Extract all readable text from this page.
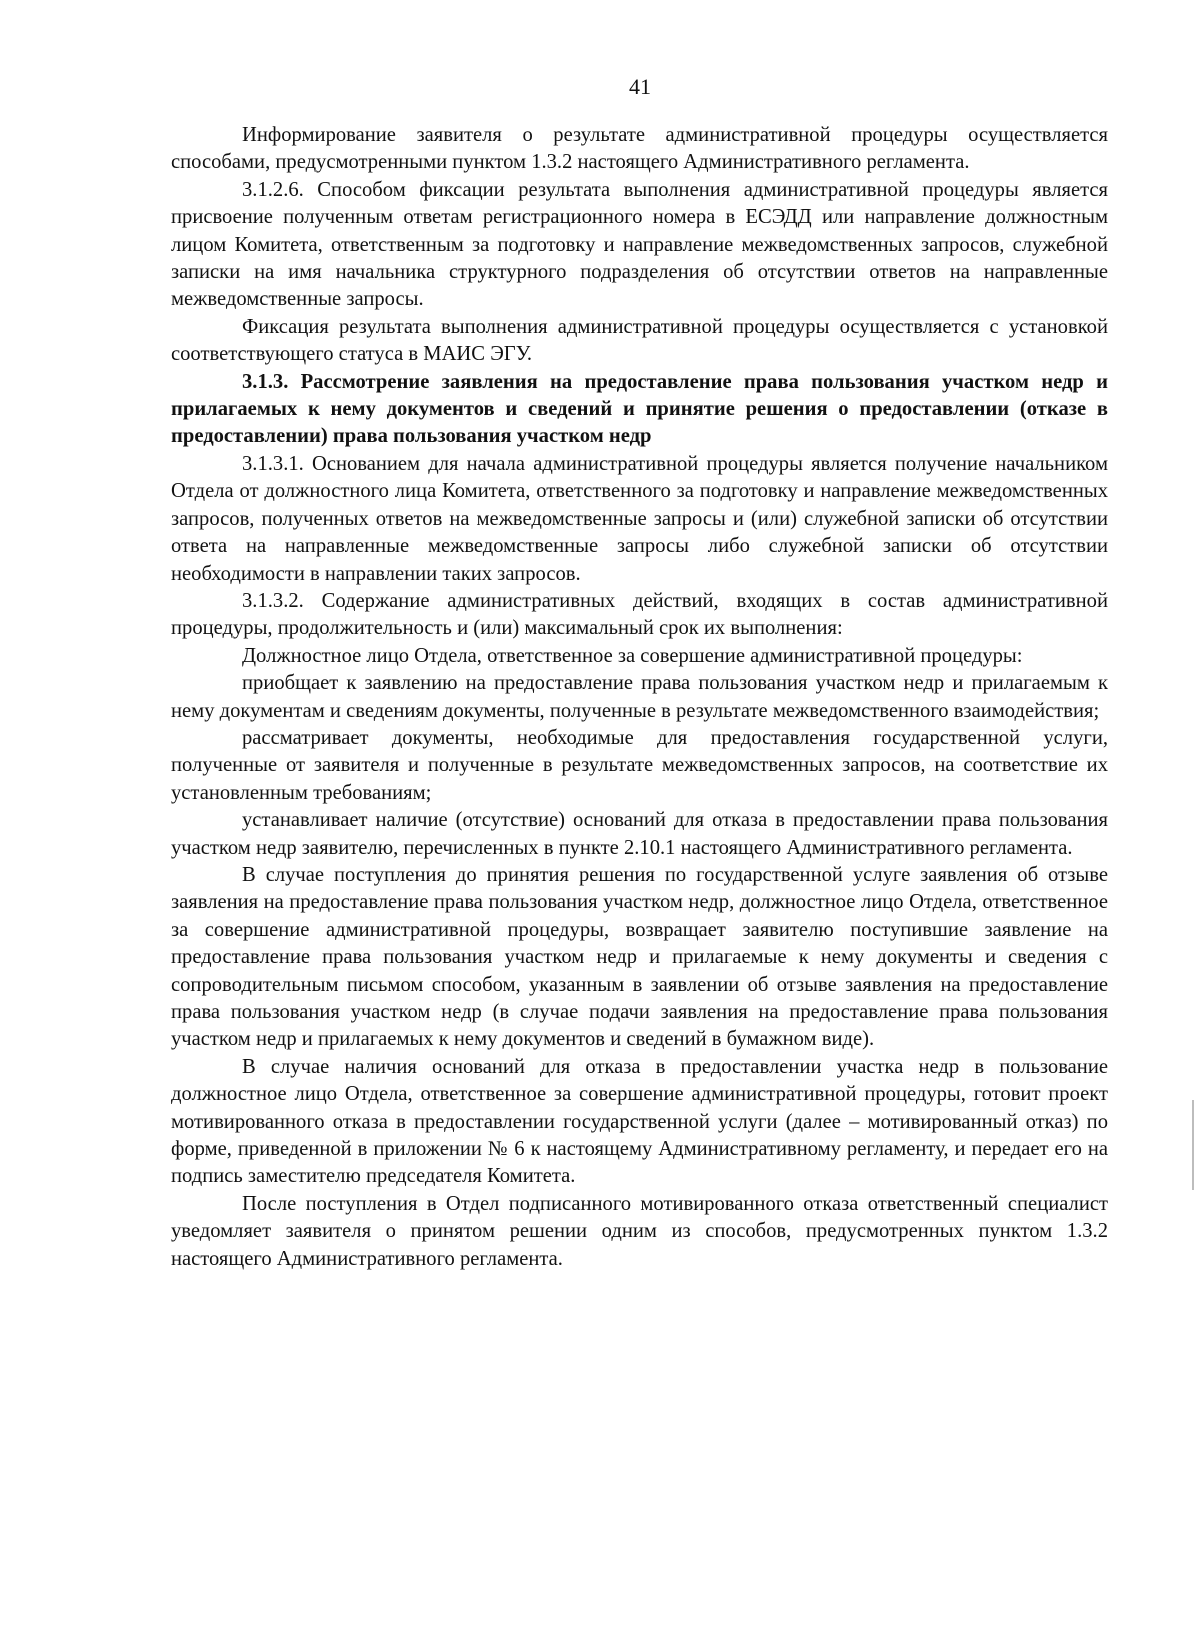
41

Информирование заявителя о результате административной процедуры осуществляется способами, предусмотренными пунктом 1.3.2 настоящего Административного регламента.

3.1.2.6. Способом фиксации результата выполнения административной процедуры является присвоение полученным ответам регистрационного номера в ЕСЭДД или направление должностным лицом Комитета, ответственным за подготовку и направление межведомственных запросов, служебной записки на имя начальника структурного подразделения об отсутствии ответов на направленные межведомственные запросы.

Фиксация результата выполнения административной процедуры осуществляется с установкой соответствующего статуса в МАИС ЭГУ.

3.1.3. Рассмотрение заявления на предоставление права пользования участком недр и прилагаемых к нему документов и сведений и принятие решения о предоставлении (отказе в предоставлении) права пользования участком недр

3.1.3.1. Основанием для начала административной процедуры является получение начальником Отдела от должностного лица Комитета, ответственного за подготовку и направление межведомственных запросов, полученных ответов на межведомственные запросы и (или) служебной записки об отсутствии ответа на направленные межведомственные запросы либо служебной записки об отсутствии необходимости в направлении таких запросов.

3.1.3.2. Содержание административных действий, входящих в состав административной процедуры, продолжительность и (или) максимальный срок их выполнения:

Должностное лицо Отдела, ответственное за совершение административной процедуры:

приобщает к заявлению на предоставление права пользования участком недр и прилагаемым к нему документам и сведениям документы, полученные в результате межведомственного взаимодействия;

рассматривает документы, необходимые для предоставления государственной услуги, полученные от заявителя и полученные в результате межведомственных запросов, на соответствие их установленным требованиям;

устанавливает наличие (отсутствие) оснований для отказа в предоставлении права пользования участком недр заявителю, перечисленных в пункте 2.10.1 настоящего Административного регламента.

В случае поступления до принятия решения по государственной услуге заявления об отзыве заявления на предоставление права пользования участком недр, должностное лицо Отдела, ответственное за совершение административной процедуры, возвращает заявителю поступившие заявление на предоставление права пользования участком недр и прилагаемые к нему документы и сведения с сопроводительным письмом способом, указанным в заявлении об отзыве заявления на предоставление права пользования участком недр (в случае подачи заявления на предоставление права пользования участком недр и прилагаемых к нему документов и сведений в бумажном виде).

В случае наличия оснований для отказа в предоставлении участка недр в пользование должностное лицо Отдела, ответственное за совершение административной процедуры, готовит проект мотивированного отказа в предоставлении государственной услуги (далее – мотивированный отказ) по форме, приведенной в приложении № 6 к настоящему Административному регламенту, и передает его на подпись заместителю председателя Комитета.

После поступления в Отдел подписанного мотивированного отказа ответственный специалист уведомляет заявителя о принятом решении одним из способов, предусмотренных пунктом 1.3.2 настоящего Административного регламента.
